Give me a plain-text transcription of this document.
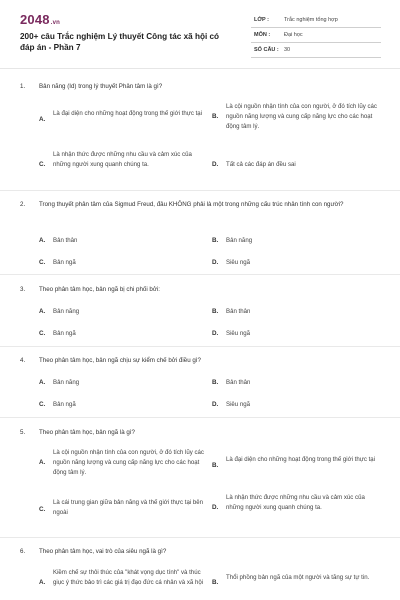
2048.vn
200+ câu Trắc nghiệm Lý thuyết Công tác xã hội có đáp án - Phần 7
LỚP :	Trắc nghiệm tổng hợp
MÔN :	Đại học
SỐ CÂU : 30
1.	Bản năng (Id) trong lý thuyết Phân tâm là gì?
A.
Là đại diện cho những hoạt động trong thế giới thực tại	B.
Là cội nguồn nhận tính của con người, ở đó tích lũy các nguồn năng lượng và cung cấp năng lực cho các hoạt động tâm lý.
C.
Là nhận thức được những nhu cầu và cảm xúc của những người xung quanh chúng ta.	D. Tất cả các đáp án đều sai
2.	Trong thuyết phân tâm của Sigmud Freud, đâu KHÔNG phải là một trong những cấu trúc nhân tính con người?
A. Bản thân	B. Bản năng
C. Bản ngã	D. Siêu ngã
3.	Theo phân tâm học, bản ngã bị chi phối bởi:
A. Bản năng	B. Bản thân
C. Bản ngã	D. Siêu ngã
4.	Theo phân tâm học, bản ngã chịu sự kiểm chế bởi điều gì?
A. Bản năng	B. Bản thân
C. Bản ngã	D. Siêu ngã
5.	Theo phân tâm học, bản ngã là gì?
A.
Là cội nguồn nhận tính của con người, ở đó tích lũy các nguồn năng lượng và cung cấp năng lực cho các hoạt động tâm lý.
B.
Là đại diện cho những hoạt động trong thế giới thực tại
C.
Là cái trung gian giữa bản năng và thế giới thực tại bên ngoài
D.
Là nhận thức được những nhu cầu và cảm xúc của những người xung quanh chúng ta.
6.	Theo phân tâm học, vai trò của siêu ngã là gì?
A.
Kiềm chế sự thôi thúc của "khát vọng dục tính" và thúc giục ý thức bảo trì các giá trị đạo đức cá nhân và xã hội	B.
Thổi phồng bản ngã của một người và tăng sự tự tin.
